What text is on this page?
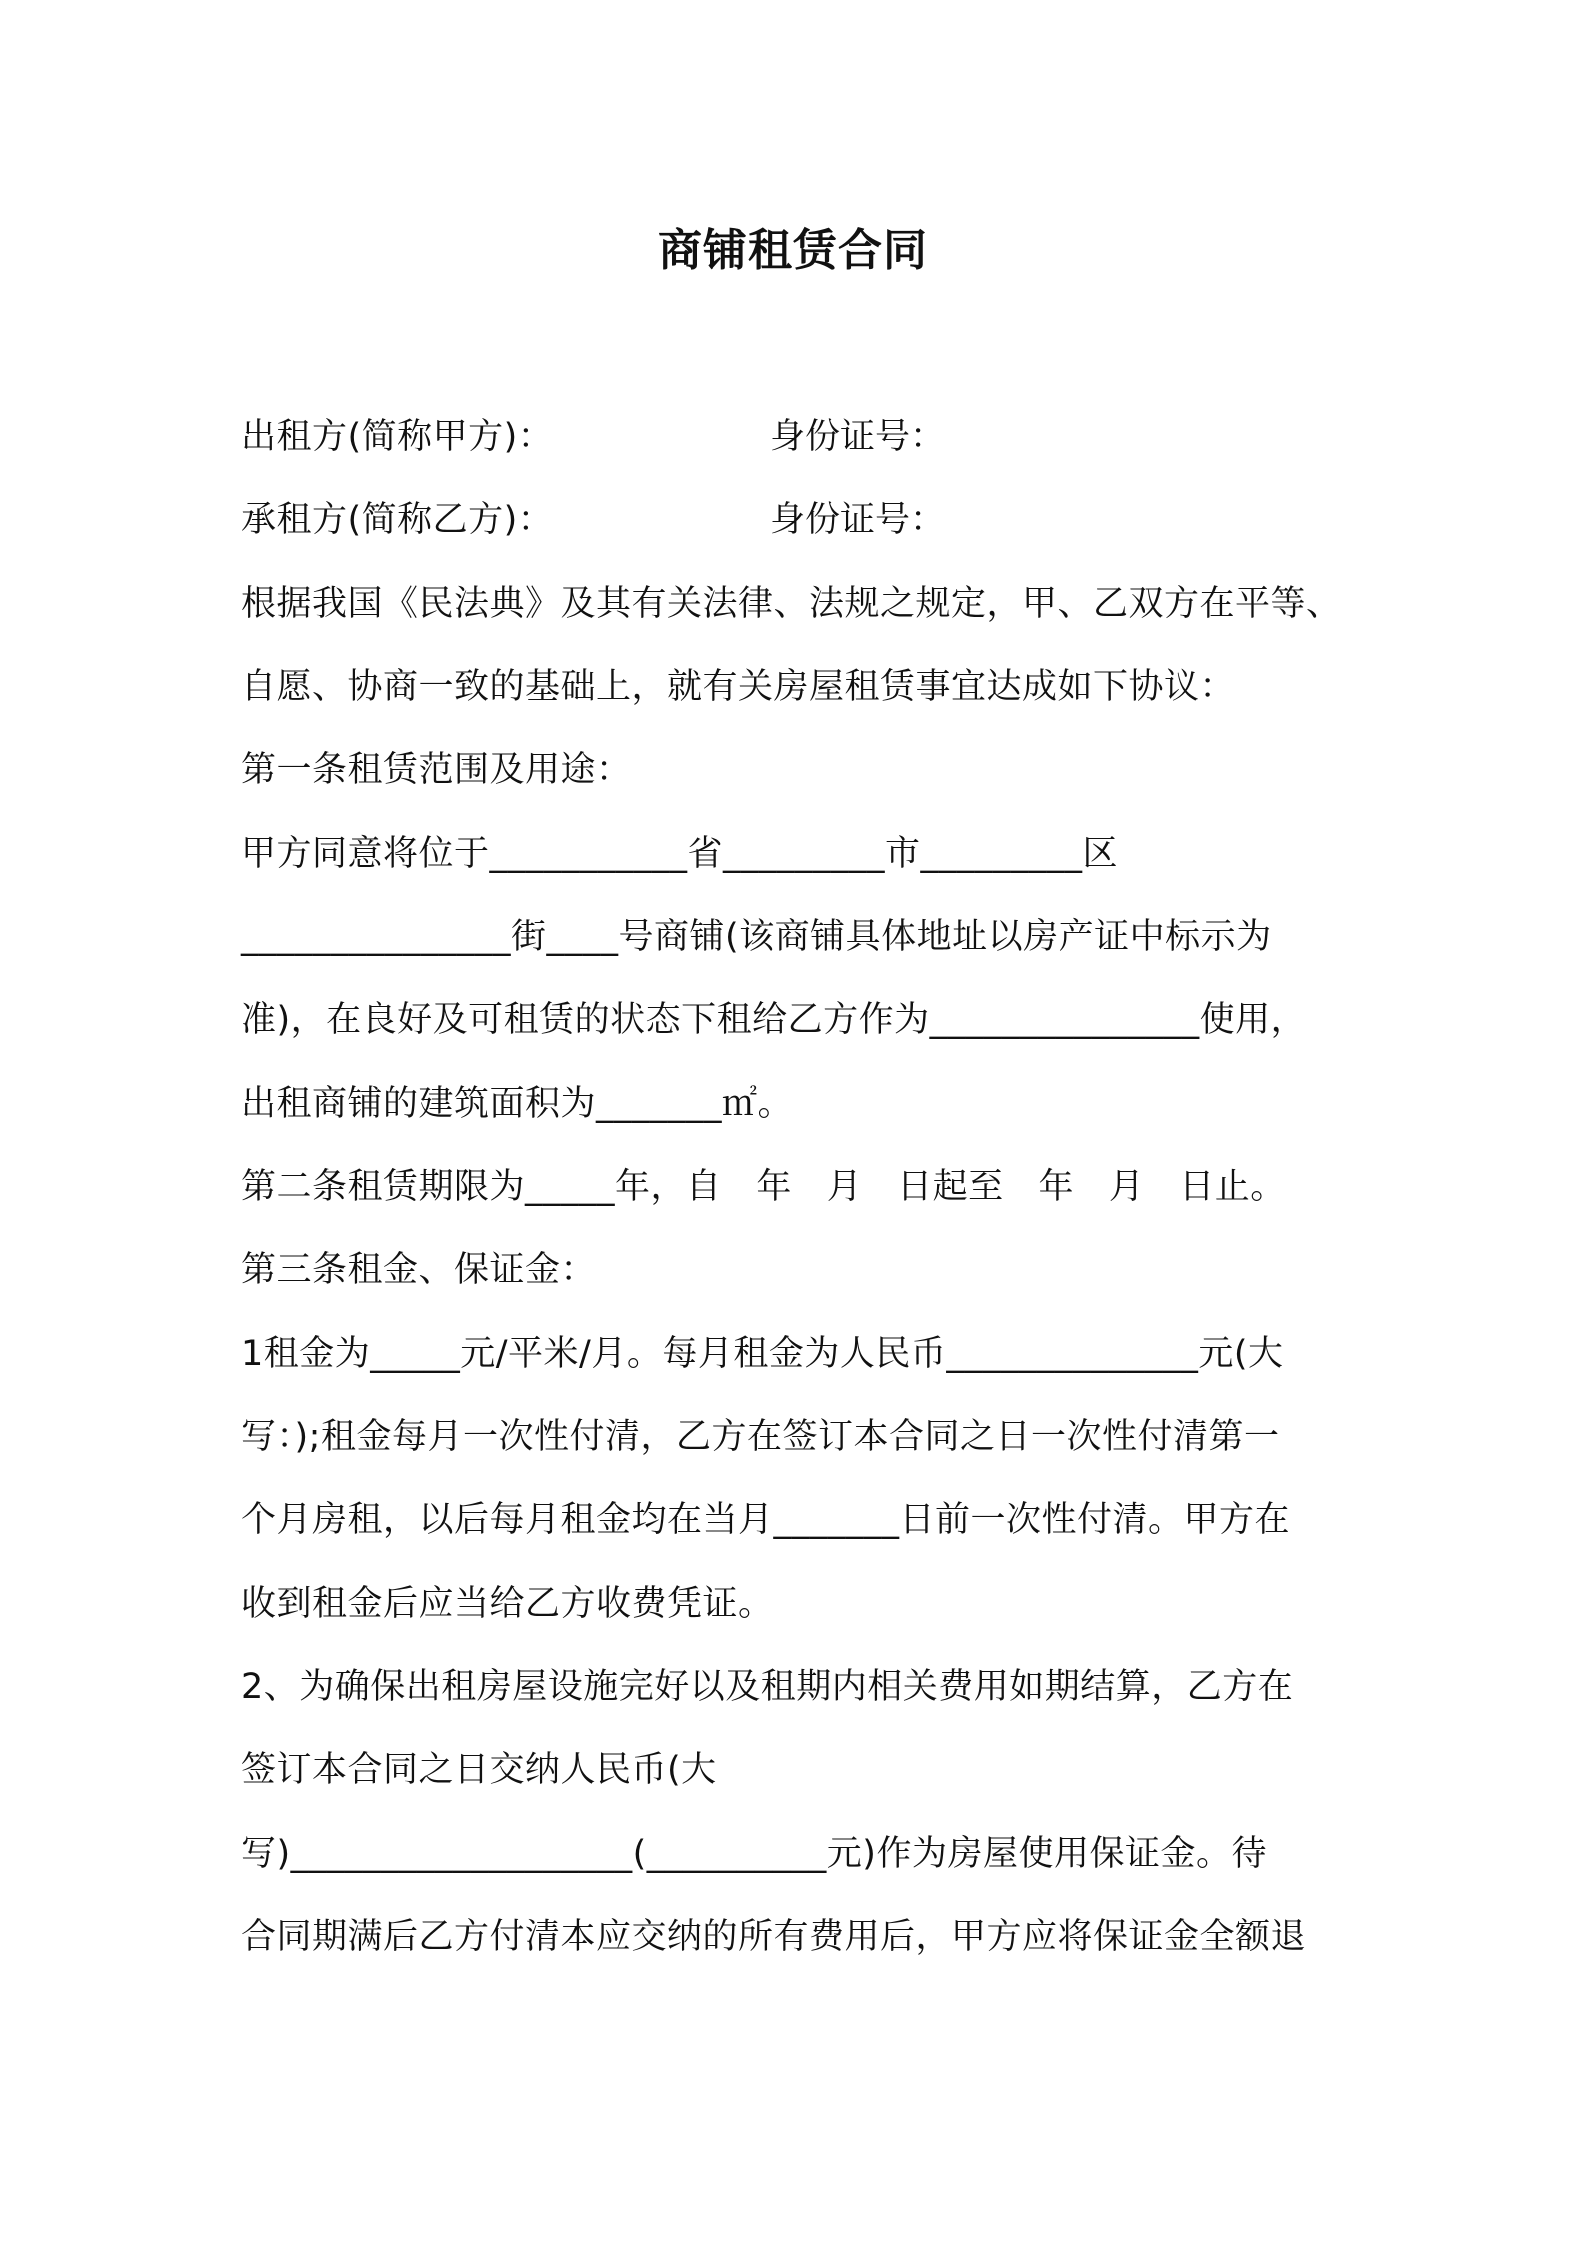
商铺租赁合同
出租方(简称甲方)：	身份证号：
承租方(简称乙方)：	身份证号：
根据我国《民法典》及其有关法律、法规之规定，甲、乙双方在平等、
自愿、协商一致的基础上，就有关房屋租赁事宜达成如下协议：
第一条租赁范围及用途：
甲方同意将位于___________省_________市_________区
_______________街____号商铺(该商铺具体地址以房产证中标示为
准)，在良好及可租赁的状态下租给乙方作为_______________使用，
出租商铺的建筑面积为_______㎡。
第二条租赁期限为_____年，自   年   月   日起至   年   月   日止。
第三条租金、保证金：
1租金为_____元/平米/月。每月租金为人民币______________元(大
写：);租金每月一次性付清，乙方在签订本合同之日一次性付清第一
个月房租，以后每月租金均在当月_______日前一次性付清。甲方在
收到租金后应当给乙方收费凭证。
2、为确保出租房屋设施完好以及租期内相关费用如期结算，乙方在
签订本合同之日交纳人民币(大
写)___________________(__________元)作为房屋使用保证金。待
合同期满后乙方付清本应交纳的所有费用后，甲方应将保证金全额退
